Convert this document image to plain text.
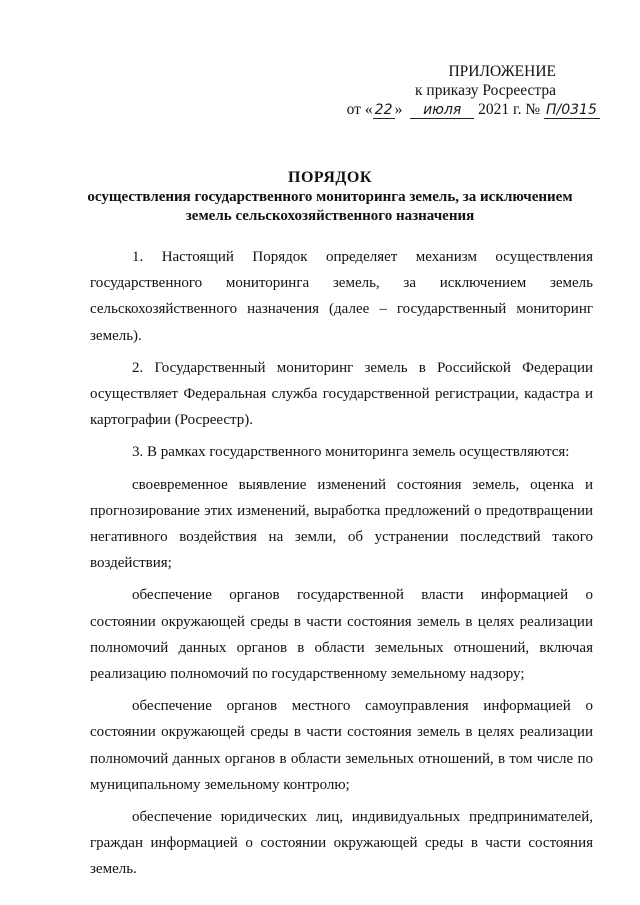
ПРИЛОЖЕНИЕ
к приказу Росреестра
от « 22 » июля 2021 г. № П/0315
ПОРЯДОК
осуществления государственного мониторинга земель, за исключением
земель сельскохозяйственного назначения

1. Настоящий Порядок определяет механизм осуществления государственного мониторинга земель, за исключением земель сельскохозяйственного назначения (далее – государственный мониторинг земель).

2. Государственный мониторинг земель в Российской Федерации осуществляет Федеральная служба государственной регистрации, кадастра и картографии (Росреестр).

3. В рамках государственного мониторинга земель осуществляются:

своевременное выявление изменений состояния земель, оценка и прогнозирование этих изменений, выработка предложений о предотвращении негативного воздействия на земли, об устранении последствий такого воздействия;

обеспечение органов государственной власти информацией о состоянии окружающей среды в части состояния земель в целях реализации полномочий данных органов в области земельных отношений, включая реализацию полномочий по государственному земельному надзору;

обеспечение органов местного самоуправления информацией о состоянии окружающей среды в части состояния земель в целях реализации полномочий данных органов в области земельных отношений, в том числе по муниципальному земельному контролю;

обеспечение юридических лиц, индивидуальных предпринимателей, граждан информацией о состоянии окружающей среды в части состояния земель.
